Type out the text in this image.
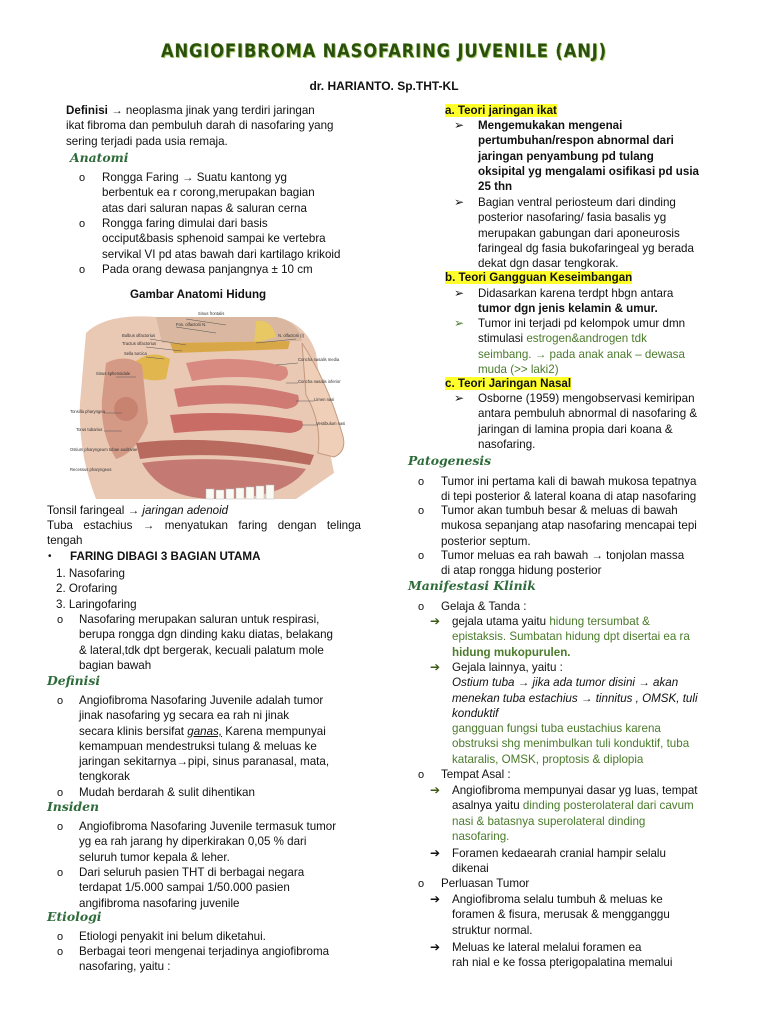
ANGIOFIBROMA NASOFARING JUVENILE (ANJ)
dr. HARIANTO. Sp.THT-KL
Definisi → neoplasma jinak yang terdiri jaringan
ikat fibroma dan pembuluh darah di nasofaring yang
sering terjadi pada usia remaja.
Anatomi
o Rongga Faring → Suatu kantong yg
berbentuk ea r corong,merupakan bagian
atas dari saluran napas & saluran cerna
o Rongga faring dimulai dari basis
occiput&basis sphenoid sampai ke vertebra
servikal VI pd atas bawah dari kartilago krikoid
o Pada orang dewasa panjangnya ± 10 cm
Gambar Anatomi Hidung
Sinus frontalis
Fos. olfactorii N.
Bulbus olfactorius
Tractus olfactorius
Sella turcica
N. olfactorii (I)
Sinus sphenoidale
Concha nasalis media
Concha nasalis inferior
Tonsilla pharyngea
Torus tubarius
Limen nasi
Vestibulum nasi
Ostium pharyngeum tubae auditivae
Recessus pharyngeus
Tonsil faringeal → jaringan adenoid
Tuba estachius → menyatukan faring dengan telinga
tengah
• FARING DIBAGI 3 BAGIAN UTAMA
1. Nasofaring
2. Orofaring
3. Laringofaring
o Nasofaring merupakan saluran untuk respirasi,
berupa rongga dgn dinding kaku diatas, belakang
& lateral,tdk dpt bergerak, kecuali palatum mole
bagian bawah
Definisi
o Angiofibroma Nasofaring Juvenile adalah tumor
jinak nasofaring yg secara ea rah ni jinak
secara klinis bersifat ganas, Karena mempunyai
kemampuan mendestruksi tulang & meluas ke
jaringan sekitarnya→pipi, sinus paranasal, mata,
tengkorak
o Mudah berdarah & sulit dihentikan
Insiden
o Angiofibroma Nasofaring Juvenile termasuk tumor
yg ea rah jarang hy diperkirakan 0,05 % dari
seluruh tumor kepala & leher.
o Dari seluruh pasien THT di berbagai negara
terdapat 1/5.000 sampai 1/50.000 pasien
angifibroma nasofaring juvenile
Etiologi
o Etiologi penyakit ini belum diketahui.
o Berbagai teori mengenai terjadinya angiofibroma
nasofaring, yaitu :
a. Teori jaringan ikat
➢ Mengemukakan mengenai
pertumbuhan/respon abnormal dari
jaringan penyambung pd tulang
oksipital yg mengalami osifikasi pd usia
25 thn
➢ Bagian ventral periosteum dari dinding
posterior nasofaring/ fasia basalis yg
merupakan gabungan dari aponeurosis
faringeal dg fasia bukofaringeal yg berada
dekat dgn dasar tengkorak.
b. Teori Gangguan Keseimbangan
➢ Didasarkan karena terdpt hbgn antara
tumor dgn jenis kelamin & umur.
➢ Tumor ini terjadi pd kelompok umur dmn
stimulasi estrogen&androgen tdk
seimbang. → pada anak anak – dewasa
muda (>> laki2)
c. Teori Jaringan Nasal
➢ Osborne (1959) mengobservasi kemiripan
antara pembuluh abnormal di nasofaring &
jaringan di lamina propia dari koana &
nasofaring.
Patogenesis
o Tumor ini pertama kali di bawah mukosa tepatnya
di tepi posterior & lateral koana di atap nasofaring
o Tumor akan tumbuh besar & meluas di bawah
mukosa sepanjang atap nasofaring mencapai tepi
posterior septum.
o Tumor meluas ea rah bawah → tonjolan massa
di atap rongga hidung posterior
Manifestasi Klinik
o Gelaja & Tanda :
➔ gejala utama yaitu hidung tersumbat &
epistaksis. Sumbatan hidung dpt disertai ea ra
hidung mukopurulen.
➔ Gejala lainnya, yaitu :
Ostium tuba → jika ada tumor disini → akan
menekan tuba estachius → tinnitus , OMSK, tuli
konduktif
gangguan fungsi tuba eustachius karena
obstruksi shg menimbulkan tuli konduktif, tuba
kataralis, OMSK, proptosis & diplopia
o Tempat Asal :
➔ Angiofibroma mempunyai dasar yg luas, tempat
asalnya yaitu dinding posterolateral dari cavum
nasi & batasnya superolateral dinding
nasofaring.
➔ Foramen kedaearah cranial hampir selalu
dikenai
o Perluasan Tumor
➔ Angiofibroma selalu tumbuh & meluas ke
foramen & fisura, merusak & mengganggu
struktur normal.
➔ Meluas ke lateral melalui foramen ea
rah nial e ke fossa pterigopalatina memalui
